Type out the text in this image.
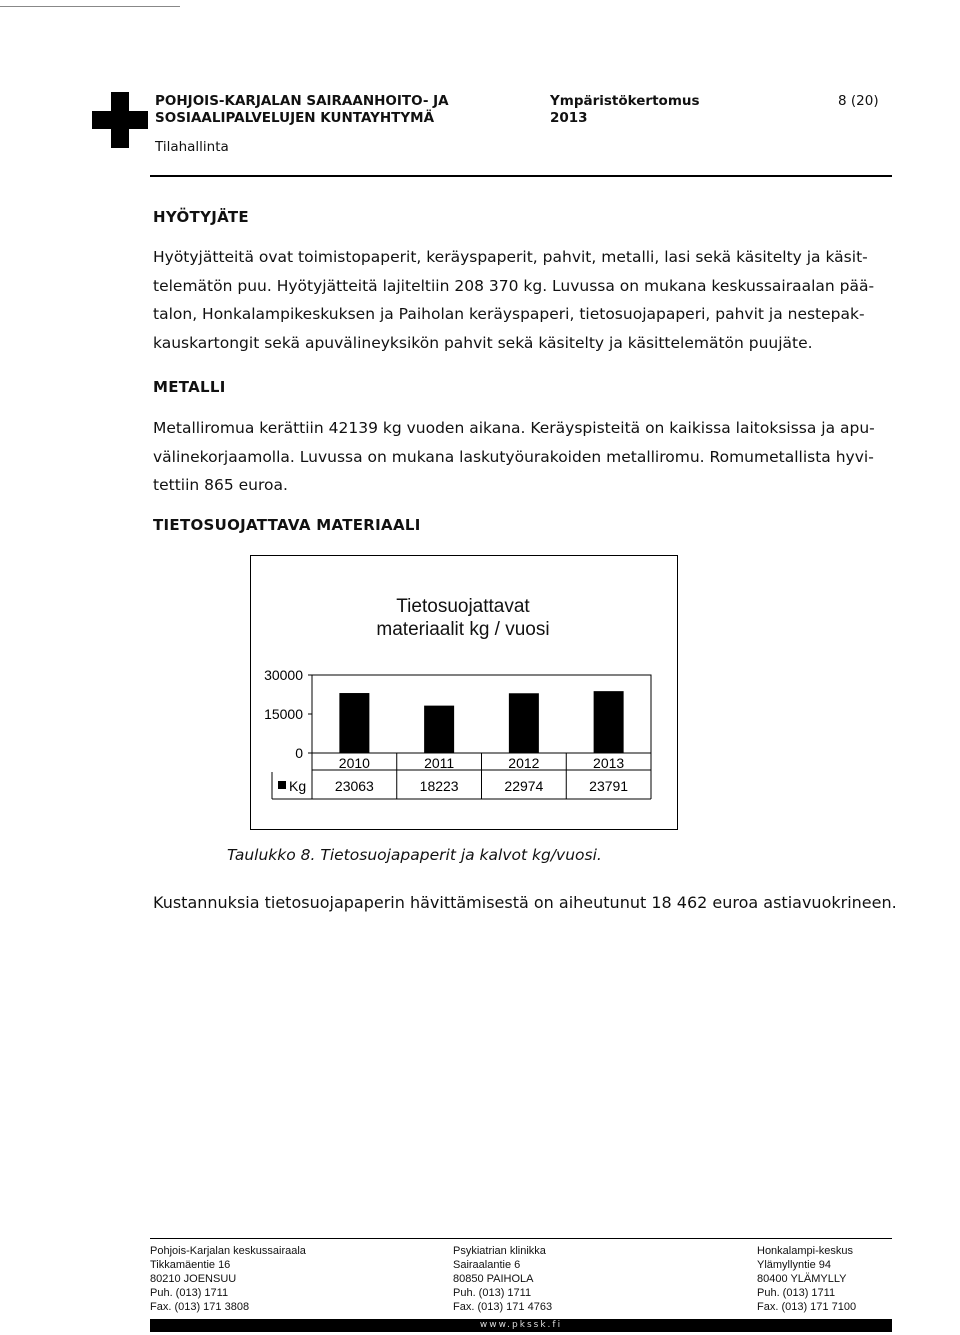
POHJOIS-KARJALAN SAIRAANHOITO- JA
SOSIAALIPALVELUJEN KUNTAYHTYMÄ
Tilahallinta
Ympäristökertomus
2013
8 (20)
HYÖTYJÄTE
Hyötyjätteitä ovat toimistopaperit, keräyspaperit, pahvit, metalli, lasi sekä käsitelty ja käsit-
telemätön puu. Hyötyjätteitä lajiteltiin 208 370 kg. Luvussa on mukana keskussairaalan pää-
talon, Honkalampikeskuksen ja Paiholan keräyspaperi, tietosuojapaperi, pahvit ja nestepak-
kauskartongit sekä apuvälineyksikön pahvit sekä käsitelty ja käsittelemätön puujäte.
METALLI
Metalliromua kerättiin 42139 kg vuoden aikana. Keräyspisteitä on kaikissa laitoksissa ja apu-
välinekorjaamolla. Luvussa on mukana laskutyöurakoiden metalliromu. Romumetallista hyvi-
tettiin 865 euroa.
TIETOSUOJATTAVA MATERIAALI
Tietosuojattavat
materiaalit kg / vuosi
30000
15000
0
2010
23063
2011
18223
2012
22974
2013
23791
Kg
Taulukko 8. Tietosuojapaperit ja kalvot kg/vuosi.
Kustannuksia tietosuojapaperin hävittämisestä on aiheutunut 18 462 euroa astiavuokrineen.
Pohjois-Karjalan keskussairaala
Tikkamäentie 16
80210 JOENSUU
Puh. (013) 1711
Fax. (013) 171 3808
Psykiatrian klinikka
Sairaalantie 6
80850 PAIHOLA
Puh. (013) 1711
Fax. (013) 171 4763
Honkalampi-keskus
Ylämyllyntie 94
80400 YLÄMYLLY
Puh. (013) 1711
Fax. (013) 171 7100
www.pkssk.fi
